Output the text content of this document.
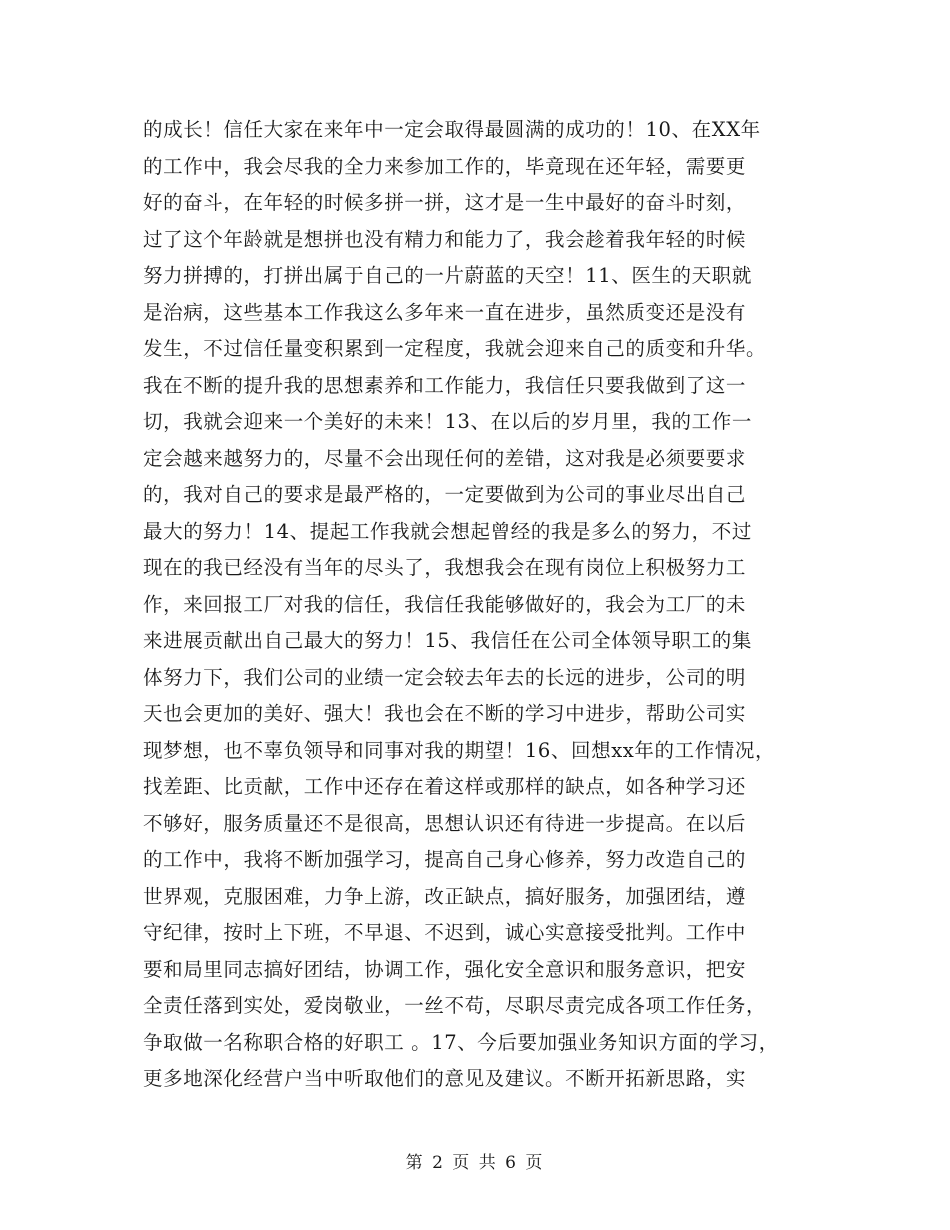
的成长！信任大家在来年中一定会取得最圆满的成功的！10、在XX年
的工作中，我会尽我的全力来参加工作的，毕竟现在还年轻，需要更
好的奋斗，在年轻的时候多拼一拼，这才是一生中最好的奋斗时刻，
过了这个年龄就是想拼也没有精力和能力了，我会趁着我年轻的时候
努力拼搏的，打拼出属于自己的一片蔚蓝的天空！11、医生的天职就
是治病，这些基本工作我这么多年来一直在进步，虽然质变还是没有
发生，不过信任量变积累到一定程度，我就会迎来自己的质变和升华。
我在不断的提升我的思想素养和工作能力，我信任只要我做到了这一
切，我就会迎来一个美好的未来！13、在以后的岁月里，我的工作一
定会越来越努力的，尽量不会出现任何的差错，这对我是必须要要求
的，我对自己的要求是最严格的，一定要做到为公司的事业尽出自己
最大的努力！14、提起工作我就会想起曾经的我是多么的努力，不过
现在的我已经没有当年的尽头了，我想我会在现有岗位上积极努力工
作，来回报工厂对我的信任，我信任我能够做好的，我会为工厂的未
来进展贡献出自己最大的努力！15、我信任在公司全体领导职工的集
体努力下，我们公司的业绩一定会较去年去的长远的进步，公司的明
天也会更加的美好、强大！我也会在不断的学习中进步，帮助公司实
现梦想，也不辜负领导和同事对我的期望！16、回想xx年的工作情况，
找差距、比贡献，工作中还存在着这样或那样的缺点，如各种学习还
不够好，服务质量还不是很高，思想认识还有待进一步提高。在以后
的工作中，我将不断加强学习，提高自己身心修养，努力改造自己的
世界观，克服困难，力争上游，改正缺点，搞好服务，加强团结，遵
守纪律，按时上下班，不早退、不迟到，诚心实意接受批判。工作中
要和局里同志搞好团结，协调工作，强化安全意识和服务意识，把安
全责任落到实处，爱岗敬业，一丝不苟，尽职尽责完成各项工作任务，
争取做一名称职合格的好职工 。17、今后要加强业务知识方面的学习，
更多地深化经营户当中听取他们的意见及建议。不断开拓新思路，实
第 2 页 共 6 页
